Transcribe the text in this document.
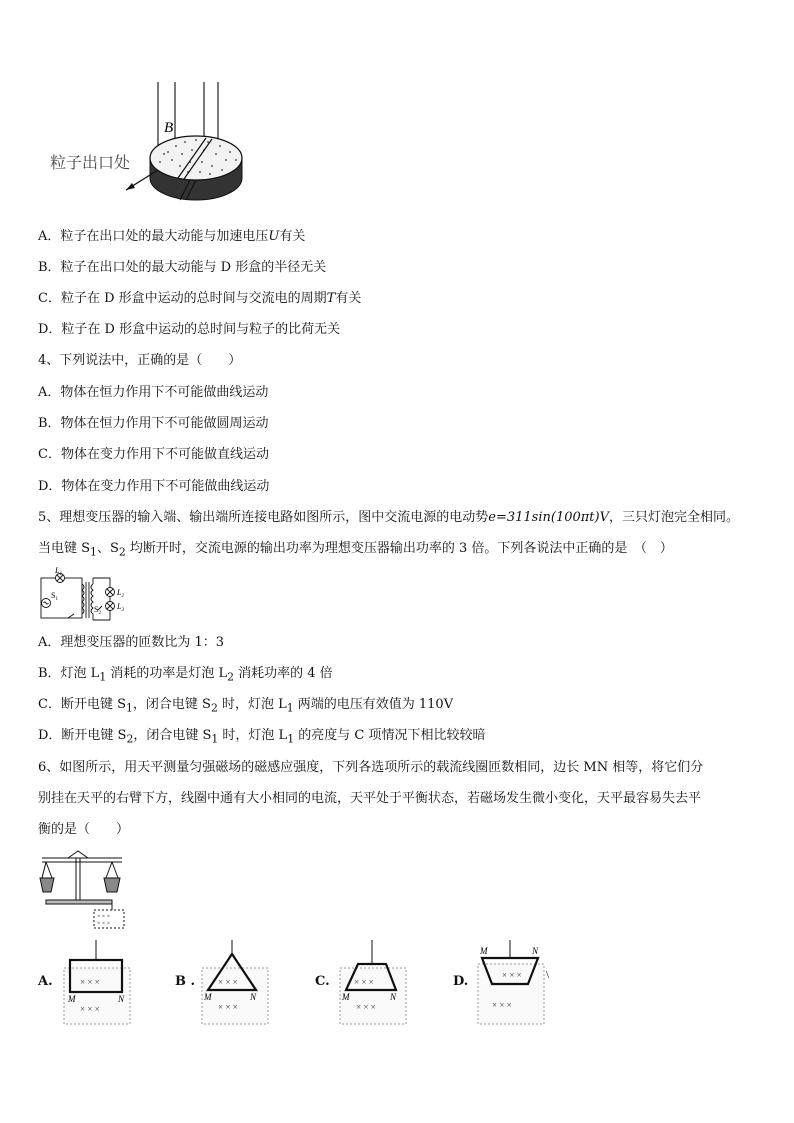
B
粒子出口处
A．粒子在出口处的最大动能与加速电压U有关
B．粒子在出口处的最大动能与 D 形盒的半径无关
C．粒子在 D 形盒中运动的总时间与交流电的周期T有关
D．粒子在 D 形盒中运动的总时间与粒子的比荷无关
4、下列说法中，正确的是（　　）
A．物体在恒力作用下不可能做曲线运动
B．物体在恒力作用下不可能做圆周运动
C．物体在变力作用下不可能做直线运动
D．物体在变力作用下不可能做曲线运动
5、理想变压器的输入端、输出端所连接电路如图所示，图中交流电源的电动势e=311sin(100πt)V，三只灯泡完全相同。
当电键 $S_1$、$S_2$ 均断开时，交流电源的输出功率为理想变压器输出功率的 3 倍。下列各说法中正确的是　（　）
$L_1$
$S_1$
$S_2$
$L_2$
$L_3$
A．理想变压器的匝数比为 1：3
B．灯泡 $L_1$ 消耗的功率是灯泡 $L_2$ 消耗功率的 4 倍
C．断开电键 $S_1$，闭合电键 $S_2$ 时，灯泡 $L_1$ 两端的电压有效值为 110V
D．断开电键 $S_2$，闭合电键 $S_1$ 时，灯泡 $L_1$ 的亮度与 C 项情况下相比较较暗
6、如图所示，用天平测量匀强磁场的磁感应强度，下列各选项所示的载流线圈匝数相同，边长 MN 相等，将它们分
别挂在天平的右臂下方，线圈中通有大小相同的电流，天平处于平衡状态，若磁场发生微小变化，天平最容易失去平
衡的是（　　）
× × ×
× × ×
A.	B .	C.	D.
× × ×
× × ×
M	N
× × ×
× × ×
M	N
× × ×
× × ×
M	N
× × ×
× × ×
M	N
\
